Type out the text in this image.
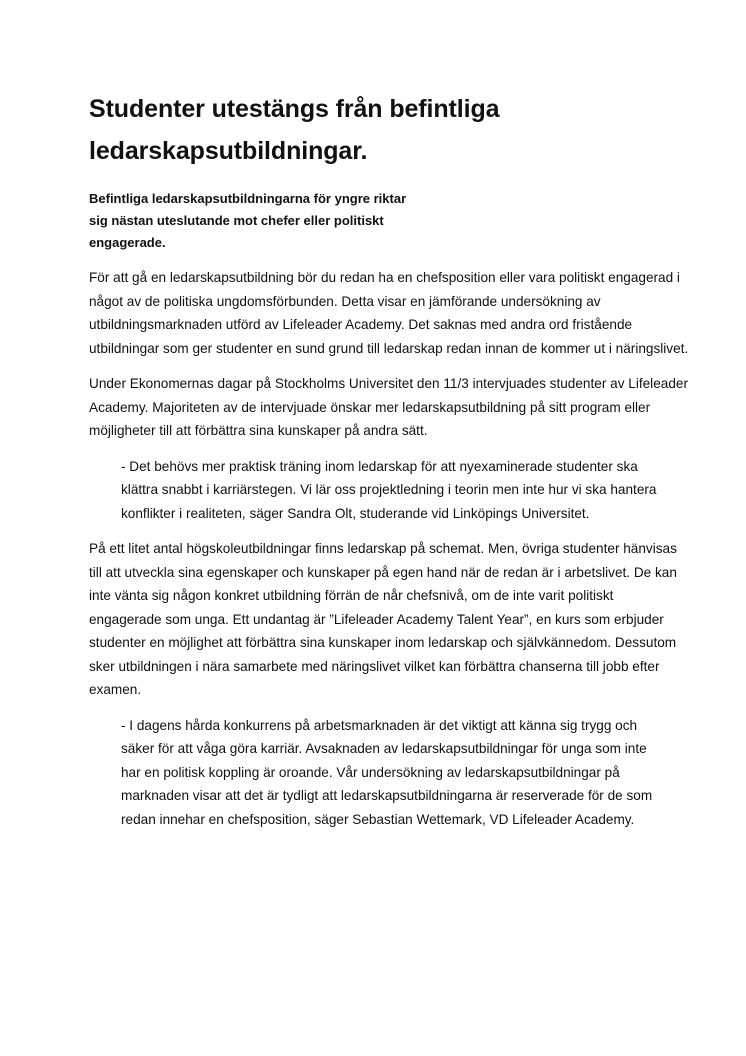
Studenter utestängs från befintliga ledarskapsutbildningar.

Befintliga ledarskapsutbildningarna för yngre riktar sig nästan uteslutande mot chefer eller politiskt engagerade.

För att gå en ledarskapsutbildning bör du redan ha en chefsposition eller vara politiskt engagerad i något av de politiska ungdomsförbunden. Detta visar en jämförande undersökning av utbildningsmarknaden utförd av Lifeleader Academy. Det saknas med andra ord fristående utbildningar som ger studenter en sund grund till ledarskap redan innan de kommer ut i näringslivet.

Under Ekonomernas dagar på Stockholms Universitet den 11/3 intervjuades studenter av Lifeleader Academy. Majoriteten av de intervjuade önskar mer ledarskapsutbildning på sitt program eller möjligheter till att förbättra sina kunskaper på andra sätt.

- Det behövs mer praktisk träning inom ledarskap för att nyexaminerade studenter ska klättra snabbt i karriärstegen. Vi lär oss projektledning i teorin men inte hur vi ska hantera konflikter i realiteten, säger Sandra Olt, studerande vid Linköpings Universitet.

På ett litet antal högskoleutbildningar finns ledarskap på schemat. Men, övriga studenter hänvisas till att utveckla sina egenskaper och kunskaper på egen hand när de redan är i arbetslivet. De kan inte vänta sig någon konkret utbildning förrän de når chefsnivå, om de inte varit politiskt engagerade som unga. Ett undantag är ”Lifeleader Academy Talent Year”, en kurs som erbjuder studenter en möjlighet att förbättra sina kunskaper inom ledarskap och självkännedom. Dessutom sker utbildningen i nära samarbete med näringslivet vilket kan förbättra chanserna till jobb efter examen.

- I dagens hårda konkurrens på arbetsmarknaden är det viktigt att känna sig trygg och säker för att våga göra karriär. Avsaknaden av ledarskapsutbildningar för unga som inte har en politisk koppling är oroande. Vår undersökning av ledarskapsutbildningar på marknaden visar att det är tydligt att ledarskapsutbildningarna är reserverade för de som redan innehar en chefsposition, säger Sebastian Wettemark, VD Lifeleader Academy.
